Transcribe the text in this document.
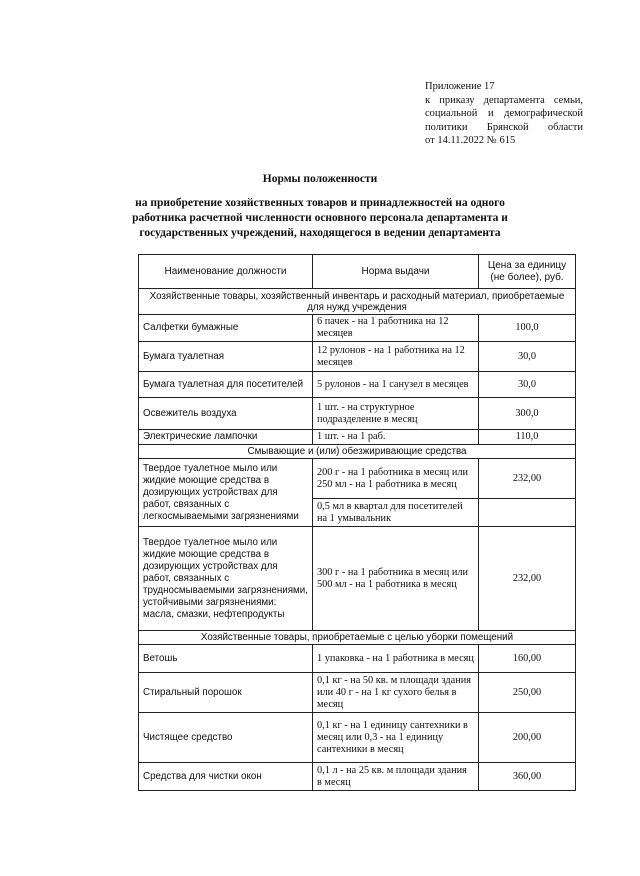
Приложение 17
к приказу департамента семьи,
социальной и демографической
политики Брянской области
от 14.11.2022 № 615
Нормы положенности
на приобретение хозяйственных товаров и принадлежностей на одного
работника расчетной численности основного персонала департамента и
государственных учреждений, находящегося в ведении департамента
Наименование должности	Норма выдачи	Цена за единицу (не более), руб.
Хозяйственные товары, хозяйственный инвентарь и расходный материал, приобретаемые для нужд учреждения		
Салфетки бумажные	6 пачек - на 1 работника на 12 месяцев	100,0
Бумага туалетная	12 рулонов - на 1 работника на 12 месяцев	30,0
Бумага туалетная для посетителей	5 рулонов - на 1 санузел в месяцев	30,0
Освежитель воздуха	1 шт. - на структурное подразделение в месяц	300,0
Электрические лампочки	1 шт. - на 1 раб.	110,0
Смывающие и (или) обезжиривающие средства		
Твердое туалетное мыло или жидкие моющие средства в дозирующих устройствах для работ, связанных с легкосмываемыми загрязнениями	200 г - на 1 работника в месяц или 250 мл - на 1 работника в месяц	232,00
	0,5 мл в квартал для посетителей на 1 умывальник	
Твердое туалетное мыло или жидкие моющие средства в дозирующих устройствах для работ, связанных с трудносмываемыми загрязнениями, устойчивыми загрязнениями: масла, смазки, нефтепродукты	300 г - на 1 работника в месяц или 500 мл - на 1 работника в месяц	232,00
Хозяйственные товары, приобретаемые с целью уборки помещений		
Ветошь	1 упаковка - на 1 работника в месяц	160,00
Стиральный порошок	0,1 кг - на 50 кв. м площади здания или 40 г - на 1 кг сухого белья в месяц	250,00
Чистящее средство	0,1 кг - на 1 единицу сантехники в месяц или 0,3 - на 1 единицу сантехники в месяц	200,00
Средства для чистки окон	0,1 л - на 25 кв. м площади здания в месяц	360,00
